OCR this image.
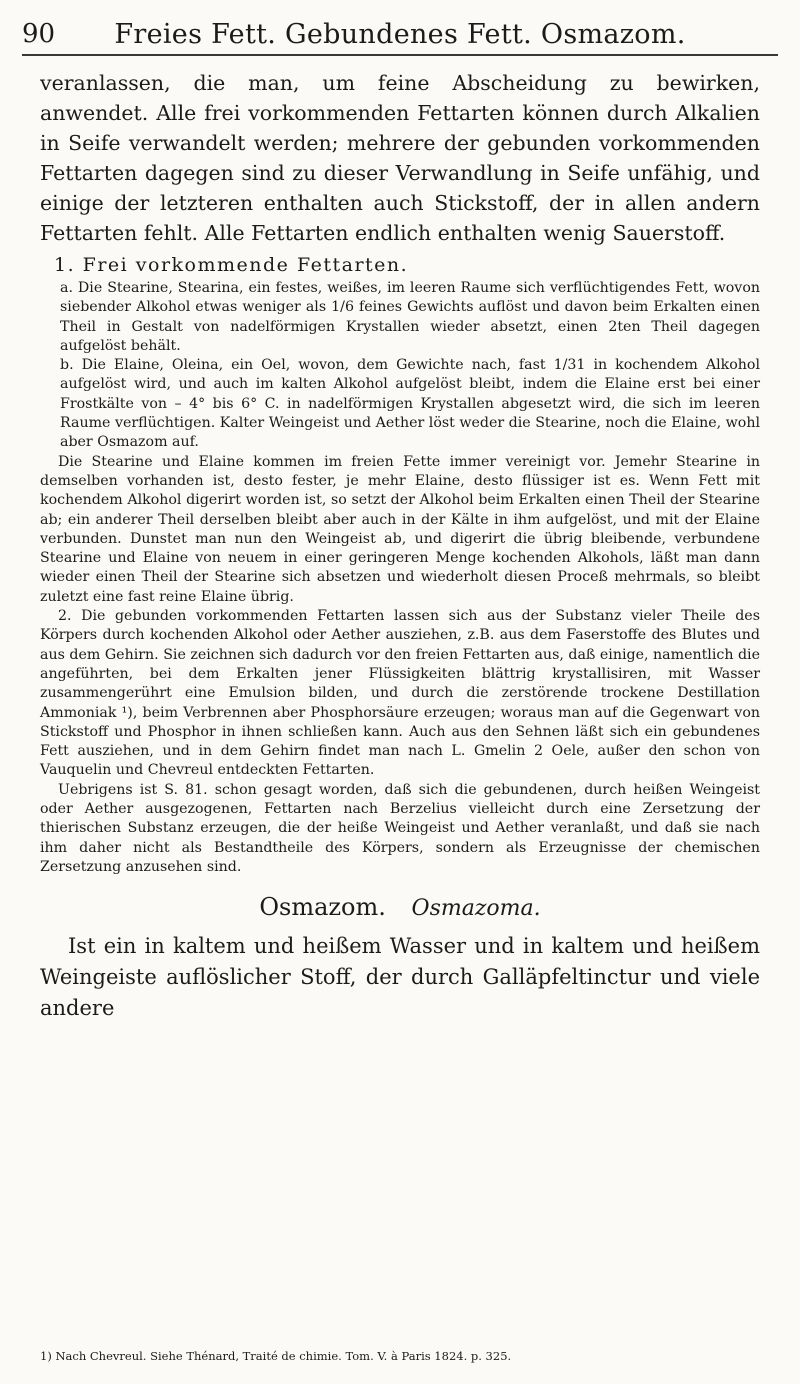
90	Freies Fett. Gebundenes Fett. Osmazom.

veranlassen, die man, um feine Abscheidung zu bewirken, anwendet. Alle frei vorkommenden Fettarten können durch Alkalien in Seife verwandelt werden; mehrere der gebunden vorkommenden Fettarten dagegen sind zu dieser Verwandlung in Seife unfähig, und einige der letzteren enthalten auch Stickstoff, der in allen andern Fettarten fehlt. Alle Fettarten endlich enthalten wenig Sauerstoff.

1. Frei vorkommende Fettarten.

a. Die Stearine, Stearina, ein festes, weißes, im leeren Raume sich verflüchtigendes Fett, wovon siebender Alkohol etwas weniger als 1/6 feines Gewichts auflöst und davon beim Erkalten einen Theil in Gestalt von nadelförmigen Krystallen wieder absetzt, einen 2ten Theil dagegen aufgelöst behält.

b. Die Elaine, Oleina, ein Oel, wovon, dem Gewichte nach, fast 1/31 in kochendem Alkohol aufgelöst wird, und auch im kalten Alkohol aufgelöst bleibt, indem die Elaine erst bei einer Frostkälte von – 4° bis 6° C. in nadelförmigen Krystallen abgesetzt wird, die sich im leeren Raume verflüchtigen. Kalter Weingeist und Aether löst weder die Stearine, noch die Elaine, wohl aber Osmazom auf.

Die Stearine und Elaine kommen im freien Fette immer vereinigt vor. Jemehr Stearine in demselben vorhanden ist, desto fester, je mehr Elaine, desto flüssiger ist es. Wenn Fett mit kochendem Alkohol digerirt worden ist, so setzt der Alkohol beim Erkalten einen Theil der Stearine ab; ein anderer Theil derselben bleibt aber auch in der Kälte in ihm aufgelöst, und mit der Elaine verbunden. Dunstet man nun den Weingeist ab, und digerirt die übrig bleibende, verbundene Stearine und Elaine von neuem in einer geringeren Menge kochenden Alkohols, läßt man dann wieder einen Theil der Stearine sich absetzen und wiederholt diesen Proceß mehrmals, so bleibt zuletzt eine fast reine Elaine übrig.

2. Die gebunden vorkommenden Fettarten lassen sich aus der Substanz vieler Theile des Körpers durch kochenden Alkohol oder Aether ausziehen, z.B. aus dem Faserstoffe des Blutes und aus dem Gehirn. Sie zeichnen sich dadurch vor den freien Fettarten aus, daß einige, namentlich die angeführten, bei dem Erkalten jener Flüssigkeiten blättrig krystallisiren, mit Wasser zusammengerührt eine Emulsion bilden, und durch die zerstörende trockene Destillation Ammoniak ¹), beim Verbrennen aber Phosphorsäure erzeugen; woraus man auf die Gegenwart von Stickstoff und Phosphor in ihnen schließen kann. Auch aus den Sehnen läßt sich ein gebundenes Fett ausziehen, und in dem Gehirn findet man nach L. Gmelin 2 Oele, außer den schon von Vauquelin und Chevreul entdeckten Fettarten.

Uebrigens ist S. 81. schon gesagt worden, daß sich die gebundenen, durch heißen Weingeist oder Aether ausgezogenen, Fettarten nach Berzelius vielleicht durch eine Zersetzung der thierischen Substanz erzeugen, die der heiße Weingeist und Aether veranlaßt, und daß sie nach ihm daher nicht als Bestandtheile des Körpers, sondern als Erzeugnisse der chemischen Zersetzung anzusehen sind.

Osmazom. Osmazoma.

Ist ein in kaltem und heißem Wasser und in kaltem und heißem Weingeiste auflöslicher Stoff, der durch Galläpfeltinctur und viele andere

1) Nach Chevreul. Siehe Thénard, Traité de chimie. Tom. V. à Paris 1824. p. 325.
